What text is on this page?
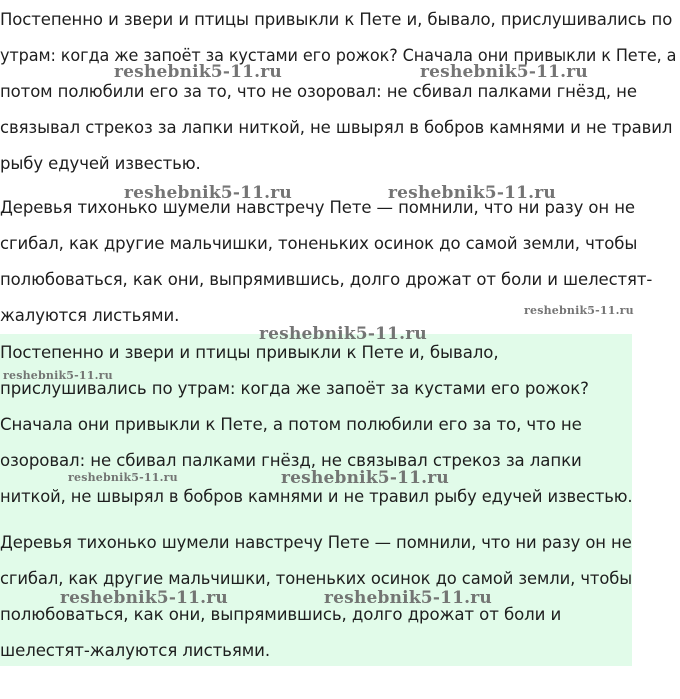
Постепенно и звери и птицы привыкли к Пете и, бывало, прислушивались по
утрам: когда же запоёт за кустами его рожок? Сначала они привыкли к Пете, а
потом полюбили его за то, что не озоровал: не сбивал палками гнёзд, не
связывал стрекоз за лапки ниткой, не швырял в бобров камнями и не травил
рыбу едучей известью.

Деревья тихонько шумели навстречу Пете — помнили, что ни разу он не
сгибал, как другие мальчишки, тоненьких осинок до самой земли, чтобы
полюбоваться, как они, выпрямившись, долго дрожат от боли и шелестят-
жалуются листьями.

Постепенно и звери и птицы привыкли к Пете и, бывало,
прислушивались по утрам: когда же запоёт за кустами его рожок?
Сначала они привыкли к Пете, а потом полюбили его за то, что не
озоровал: не сбивал палками гнёзд, не связывал стрекоз за лапки
ниткой, не швырял в бобров камнями и не травил рыбу едучей известью.

Деревья тихонько шумели навстречу Пете — помнили, что ни разу он не
сгибал, как другие мальчишки, тоненьких осинок до самой земли, чтобы
полюбоваться, как они, выпрямившись, долго дрожат от боли и
шелестят-жалуются листьями.

reshebnik5-11.ru	reshebnik5-11.ru
reshebnik5-11.ru	reshebnik5-11.ru
reshebnik5-11.ru
reshebnik5-11.ru
reshebnik5-11.ru
reshebnik5-11.ru	reshebnik5-11.ru
reshebnik5-11.ru	reshebnik5-11.ru
